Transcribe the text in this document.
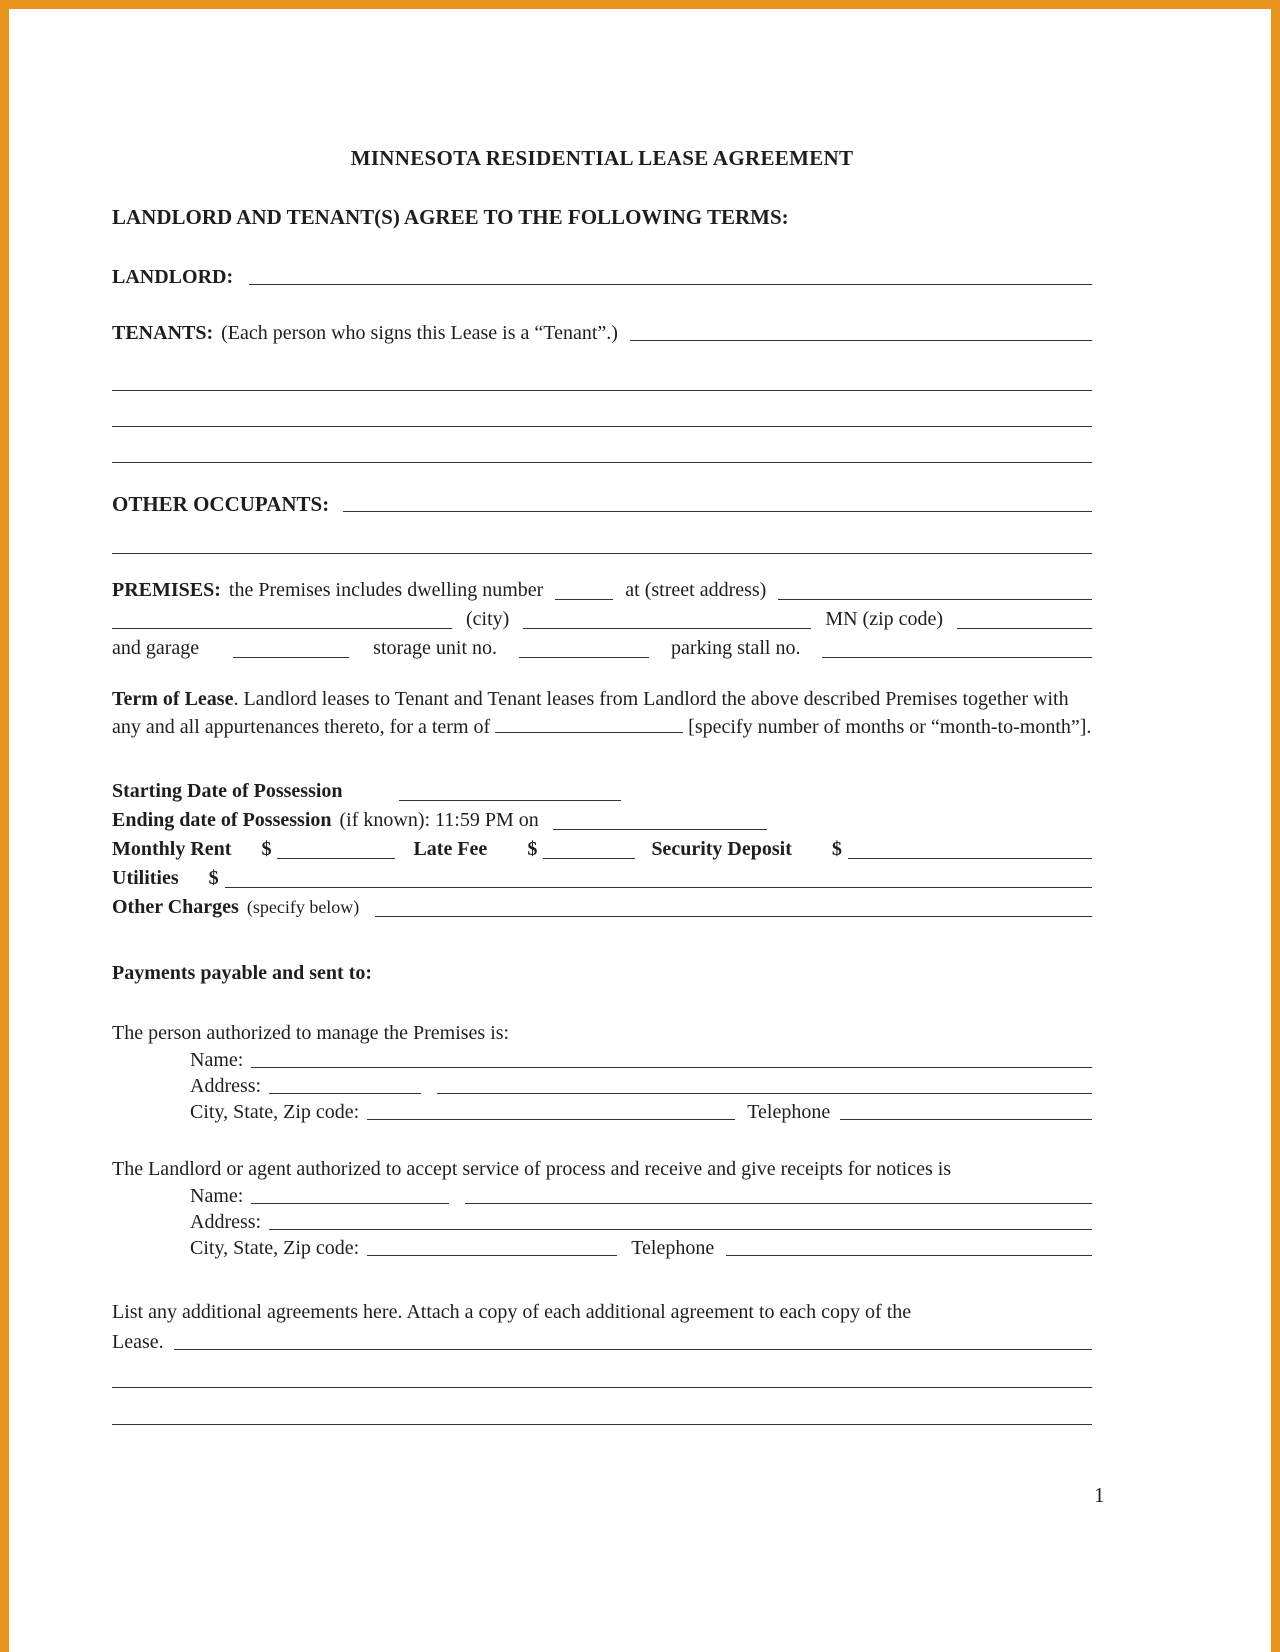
MINNESOTA RESIDENTIAL LEASE AGREEMENT
LANDLORD AND TENANT(S) AGREE TO THE FOLLOWING TERMS:
LANDLORD:
TENANTS: (Each person who signs this Lease is a “Tenant”.)
OTHER OCCUPANTS:
PREMISES: the Premises includes dwelling number	at (street address)
(city)	MN (zip code)
and garage	storage unit no.	parking stall no.

Term of Lease. Landlord leases to Tenant and Tenant leases from Landlord the above described Premises together with any and all appurtenances thereto, for a term of	[specify number of months or “month-to-month”].

Starting Date of Possession
Ending date of Possession (if known): 11:59 PM on
Monthly Rent $	Late Fee $	Security Deposit $
Utilities $
Other Charges (specify below)
Payments payable and sent to:

The person authorized to manage the Premises is:

Name:
Address:
City, State, Zip code:	Telephone

The Landlord or agent authorized to accept service of process and receive and give receipts for notices is

Name:
Address:
City, State, Zip code:	Telephone

List any additional agreements here. Attach a copy of each additional agreement to each copy of the

Lease.
1
